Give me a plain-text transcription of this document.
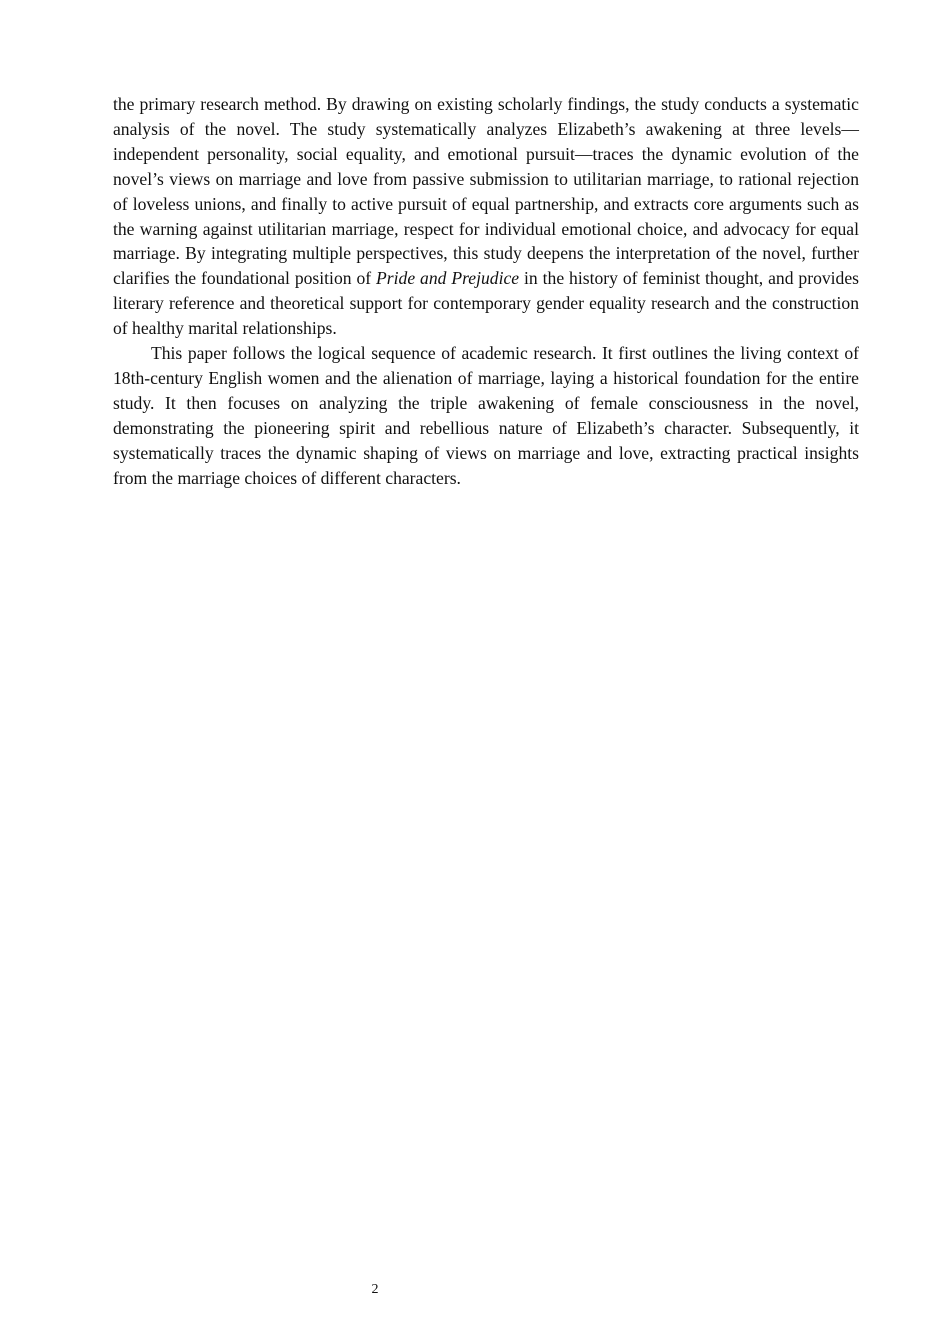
the primary research method. By drawing on existing scholarly findings, the study conducts a systematic analysis of the novel. The study systematically analyzes Elizabeth’s awakening at three levels—independent personality, social equality, and emotional pursuit—traces the dynamic evolution of the novel’s views on marriage and love from passive submission to utilitarian marriage, to rational rejection of loveless unions, and finally to active pursuit of equal partnership, and extracts core arguments such as the warning against utilitarian marriage, respect for individual emotional choice, and advocacy for equal marriage. By integrating multiple perspectives, this study deepens the interpretation of the novel, further clarifies the foundational position of Pride and Prejudice in the history of feminist thought, and provides literary reference and theoretical support for contemporary gender equality research and the construction of healthy marital relationships.

This paper follows the logical sequence of academic research. It first outlines the living context of 18th-century English women and the alienation of marriage, laying a historical foundation for the entire study. It then focuses on analyzing the triple awakening of female consciousness in the novel, demonstrating the pioneering spirit and rebellious nature of Elizabeth’s character. Subsequently, it systematically traces the dynamic shaping of views on marriage and love, extracting practical insights from the marriage choices of different characters.

2
